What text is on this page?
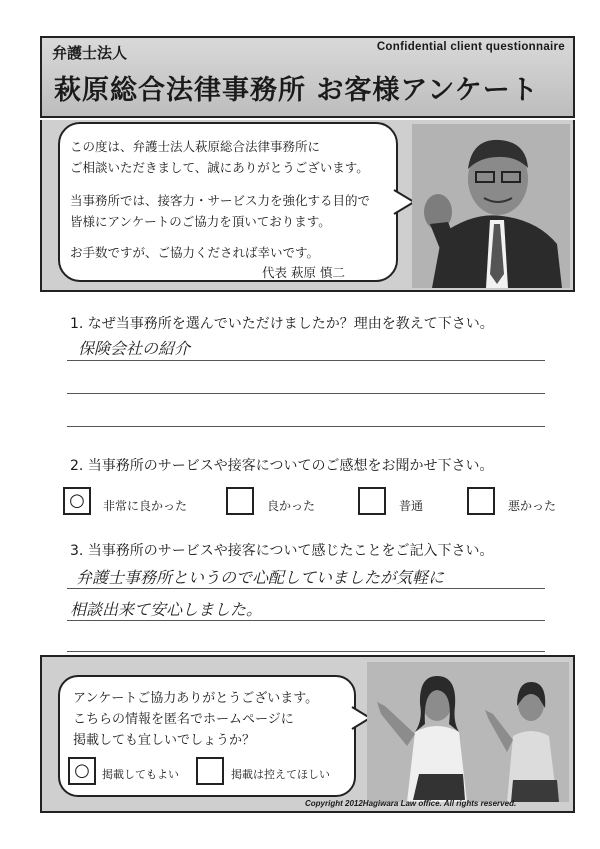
弁護士法人	Confidential client questionnaire
萩原総合法律事務所 お客様アンケート
この度は、弁護士法人萩原総合法律事務所に
ご相談いただきまして、誠にありがとうございます。
当事務所では、接客力・サービス力を強化する目的で
皆様にアンケートのご協力を頂いております。
お手数ですが、ご協力くだされば幸いです。
代表 萩原 慎二
1. なぜ当事務所を選んでいただけましたか？理由を教えて下さい。
保険会社の紹介
2. 当事務所のサービスや接客についてのご感想をお聞かせ下さい。
○	非常に良かった	良かった	普通	悪かった
3. 当事務所のサービスや接客について感じたことをご記入下さい。
弁護士事務所というので心配していましたが気軽に
相談出来て安心しました。
アンケートご協力ありがとうございます。
こちらの情報を匿名でホームページに
掲載しても宜しいでしょうか？
○	掲載してもよい	掲載は控えてほしい
Copyright 2012Hagiwara Law office. All rights reserved.
